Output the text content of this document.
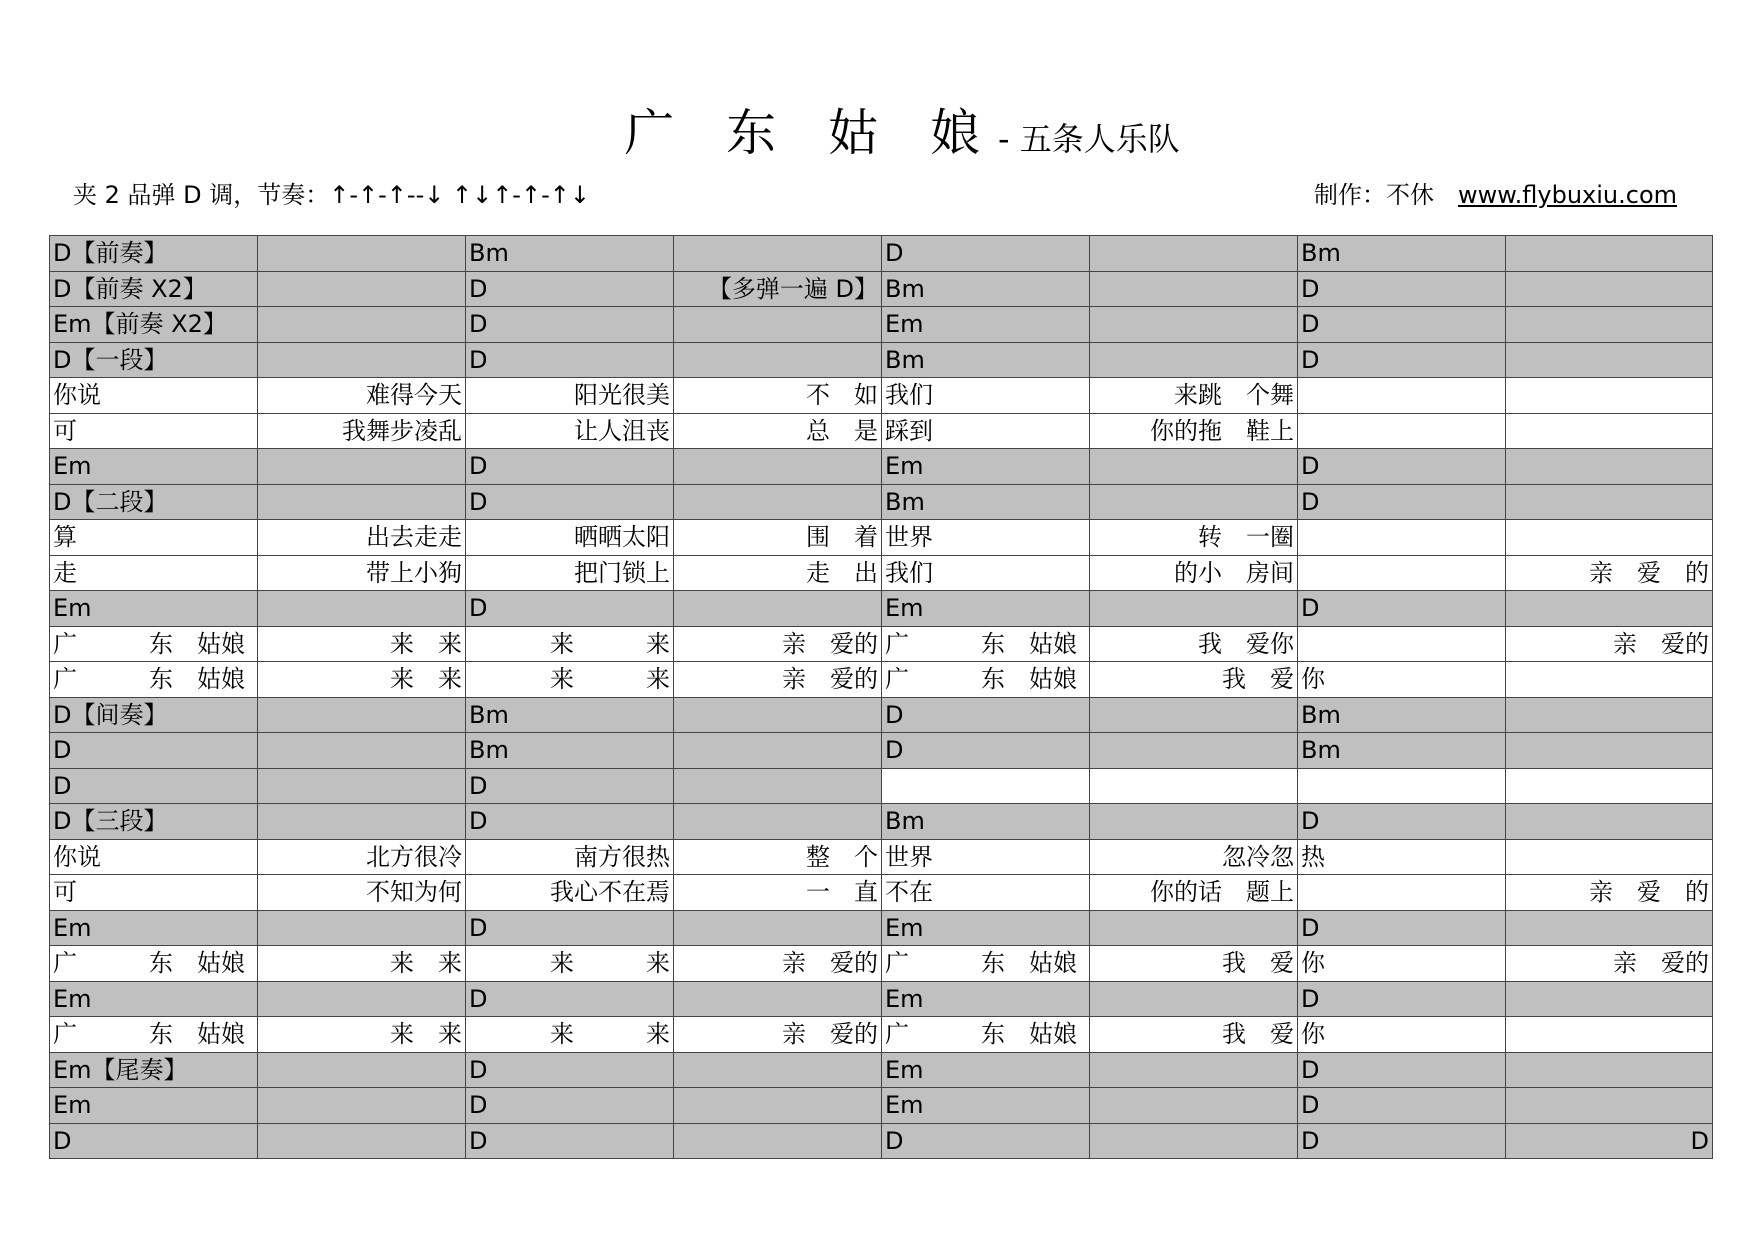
广 东 姑 娘- 五条人乐队
夹 2 品弹 D 调，节奏：↑-↑-↑--↓ ↑↓↑-↑-↑↓	制作：不休 www.flybuxiu.com
D【前奏】		Bm		D		Bm	
D【前奏 X2】		D	【多弹一遍 D】	Bm		D	
Em【前奏 X2】		D		Em		D	
D【一段】		D		Bm		D	
你说	难得今天	阳光很美	不　如	我们	来跳　个舞		
可	我舞步凌乱	让人沮丧	总　是	踩到	你的拖　鞋上		
Em		D		Em		D	
D【二段】		D		Bm		D	
算	出去走走	晒晒太阳	围　着	世界	转　一圈		
走	带上小狗	把门锁上	走　出	我们	的小　房间		亲　爱　的
Em		D		Em		D	
广　　　东　姑娘	来　来	来　　　来	亲　爱的	广　　　东　姑娘	我　爱你		亲　爱的
广　　　东　姑娘	来　来	来　　　来	亲　爱的	广　　　东　姑娘	我　爱	你	
D【间奏】		Bm		D		Bm	
D		Bm		D		Bm	
D		D					
D【三段】		D		Bm		D	
你说	北方很冷	南方很热	整　个	世界	忽冷忽	热	
可	不知为何	我心不在焉	一　直	不在	你的话　题上		亲　爱　的
Em		D		Em		D	
广　　　东　姑娘	来　来	来　　　来	亲　爱的	广　　　东　姑娘	我　爱	你	亲　爱的
Em		D		Em		D	
广　　　东　姑娘	来　来	来　　　来	亲　爱的	广　　　东　姑娘	我　爱	你	
Em【尾奏】		D		Em		D	
Em		D		Em		D	
D		D		D		D	D
